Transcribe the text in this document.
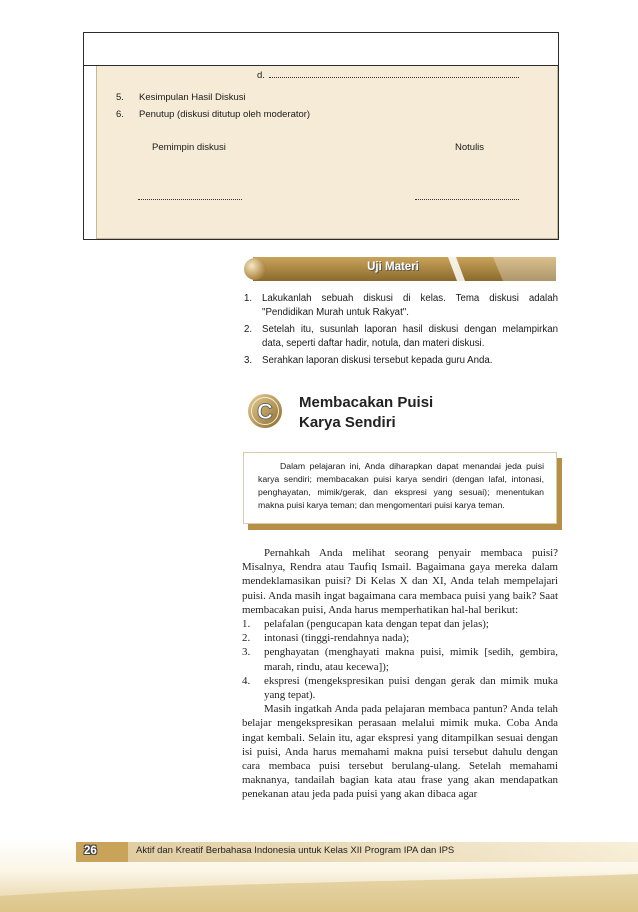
d.
5. Kesimpulan Hasil Diskusi
6. Penutup (diskusi ditutup oleh moderator)
Pemimpin diskusi	Notulis
Uji Materi
1. Lakukanlah sebuah diskusi di kelas. Tema diskusi adalah "Pendidikan Murah untuk Rakyat".
2. Setelah itu, susunlah laporan hasil diskusi dengan melampirkan data, seperti daftar hadir, notula, dan materi diskusi.
3. Serahkan laporan diskusi tersebut kepada guru Anda.
C Membacakan Puisi
Karya Sendiri
Dalam pelajaran ini, Anda diharapkan dapat menandai jeda puisi karya sendiri; membacakan puisi karya sendiri (dengan lafal, intonasi, penghayatan, mimik/gerak, dan ekspresi yang sesuai); menentukan makna puisi karya teman; dan mengomentari puisi karya teman.

Pernahkah Anda melihat seorang penyair membaca puisi? Misalnya, Rendra atau Taufiq Ismail. Bagaimana gaya mereka dalam mendeklamasikan puisi? Di Kelas X dan XI, Anda telah mempelajari puisi. Anda masih ingat bagaimana cara membaca puisi yang baik? Saat membacakan puisi, Anda harus memperhatikan hal-hal berikut:

1. pelafalan (pengucapan kata dengan tepat dan jelas);
2. intonasi (tinggi-rendahnya nada);
3. penghayatan (menghayati makna puisi, mimik [sedih, gembira, marah, rindu, atau kecewa]);
4. ekspresi (mengekspresikan puisi dengan gerak dan mimik muka yang tepat).

Masih ingatkah Anda pada pelajaran membaca pantun? Anda telah belajar mengekspresikan perasaan melalui mimik muka. Coba Anda ingat kembali. Selain itu, agar ekspresi yang ditampilkan sesuai dengan isi puisi, Anda harus memahami makna puisi tersebut dahulu dengan cara membaca puisi tersebut berulang-ulang. Setelah memahami maknanya, tandailah bagian kata atau frase yang akan mendapatkan penekanan atau jeda pada puisi yang akan dibaca agar

26	Aktif dan Kreatif Berbahasa Indonesia untuk Kelas XII Program IPA dan IPS
